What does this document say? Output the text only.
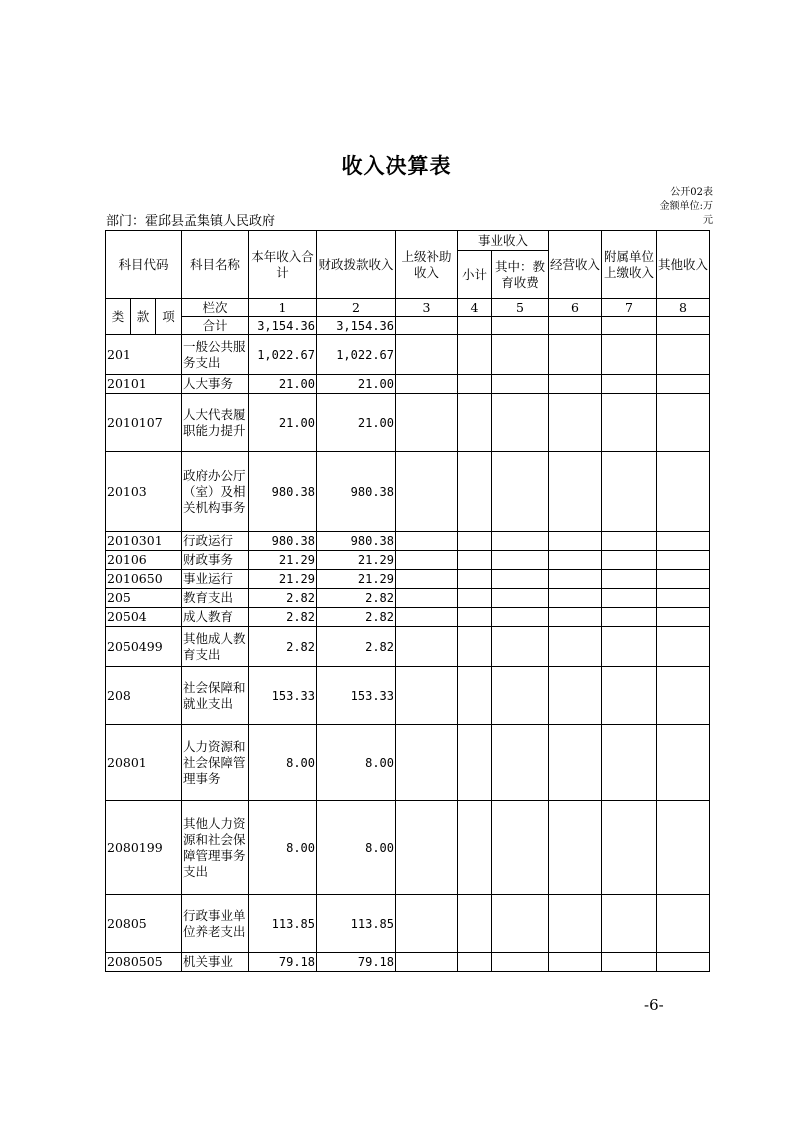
收入决算表
公开02表
金额单位:万元
部门：霍邱县孟集镇人民政府
科目代码			科目名称	本年收入合计	财政拨款收入	上级补助收入	事业收入		经营收入	附属单位上缴收入	其他收入
							小计	其中：教育收费			

类	款	项	栏次	1	2	3	4	5	6	7	8
			合计	3,154.36	3,154.36						
201			一般公共服务支出	1,022.67	1,022.67						
20101			人大事务	21.00	21.00						
2010107			人大代表履职能力提升	21.00	21.00						
20103			政府办公厅（室）及相关机构事务	980.38	980.38						
2010301			行政运行	980.38	980.38						
20106			财政事务	21.29	21.29						
2010650			事业运行	21.29	21.29						
205			教育支出	2.82	2.82						
20504			成人教育	2.82	2.82						
2050499			其他成人教育支出	2.82	2.82						
208			社会保障和就业支出	153.33	153.33						
20801			人力资源和社会保障管理事务	8.00	8.00						
2080199			其他人力资源和社会保障管理事务支出	8.00	8.00						
20805			行政事业单位养老支出	113.85	113.85						
2080505			机关事业	79.18	79.18						
-6-
